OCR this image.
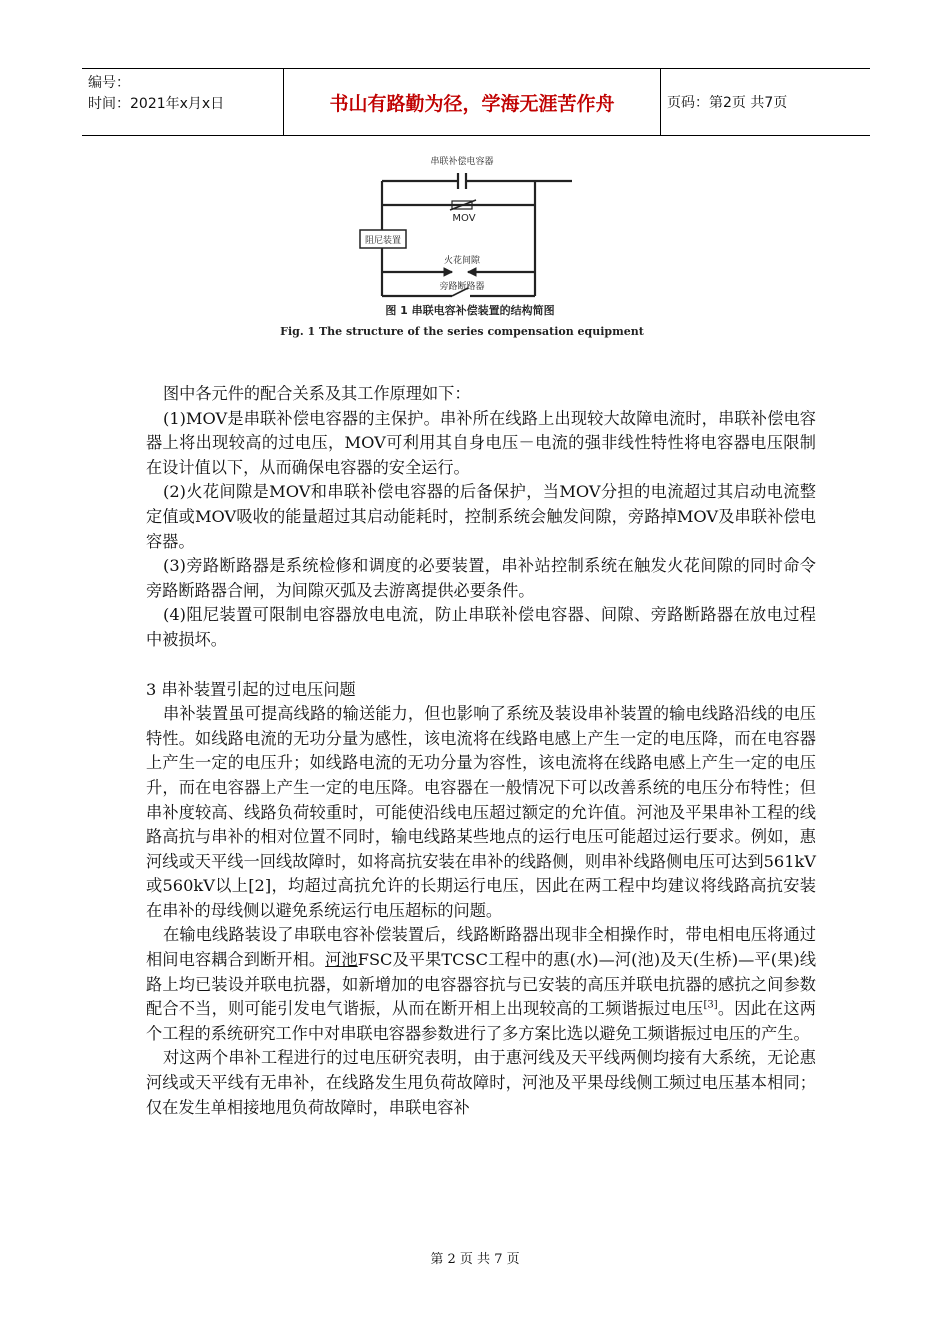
编号：
时间：2021年x月x日	书山有路勤为径，学海无涯苦作舟	页码：第2页 共7页
串联补偿电容器
MOV
阻尼装置
火花间隙
旁路断路器
图 1 串联电容补偿装置的结构简图
Fig. 1 The structure of the series compensation equipment

图中各元件的配合关系及其工作原理如下：

(1)MOV是串联补偿电容器的主保护。串补所在线路上出现较大故障电流时，串联补偿电容器上将出现较高的过电压，MOV可利用其自身电压－电流的强非线性特性将电容器电压限制在设计值以下，从而确保电容器的安全运行。

(2)火花间隙是MOV和串联补偿电容器的后备保护，当MOV分担的电流超过其启动电流整定值或MOV吸收的能量超过其启动能耗时，控制系统会触发间隙，旁路掉MOV及串联补偿电容器。

(3)旁路断路器是系统检修和调度的必要装置，串补站控制系统在触发火花间隙的同时命令旁路断路器合闸，为间隙灭弧及去游离提供必要条件。

(4)阻尼装置可限制电容器放电电流，防止串联补偿电容器、间隙、旁路断路器在放电过程中被损坏。

3 串补装置引起的过电压问题

串补装置虽可提高线路的输送能力，但也影响了系统及装设串补装置的输电线路沿线的电压特性。如线路电流的无功分量为感性，该电流将在线路电感上产生一定的电压降，而在电容器上产生一定的电压升；如线路电流的无功分量为容性，该电流将在线路电感上产生一定的电压升，而在电容器上产生一定的电压降。电容器在一般情况下可以改善系统的电压分布特性；但串补度较高、线路负荷较重时，可能使沿线电压超过额定的允许值。河池及平果串补工程的线路高抗与串补的相对位置不同时，输电线路某些地点的运行电压可能超过运行要求。例如，惠河线或天平线一回线故障时，如将高抗安装在串补的线路侧，则串补线路侧电压可达到561kV或560kV以上[2]，均超过高抗允许的长期运行电压，因此在两工程中均建议将线路高抗安装在串补的母线侧以避免系统运行电压超标的问题。

在输电线路装设了串联电容补偿装置后，线路断路器出现非全相操作时，带电相电压将通过相间电容耦合到断开相。河池FSC及平果TCSC工程中的惠(水)—河(池)及天(生桥)—平(果)线路上均已装设并联电抗器，如新增加的电容器容抗与已安装的高压并联电抗器的感抗之间参数配合不当，则可能引发电气谐振，从而在断开相上出现较高的工频谐振过电压[3]。因此在这两个工程的系统研究工作中对串联电容器参数进行了多方案比选以避免工频谐振过电压的产生。

对这两个串补工程进行的过电压研究表明，由于惠河线及天平线两侧均接有大系统，无论惠河线或天平线有无串补，在线路发生甩负荷故障时，河池及平果母线侧工频过电压基本相同；仅在发生单相接地甩负荷故障时，串联电容补

第 2 页 共 7 页
